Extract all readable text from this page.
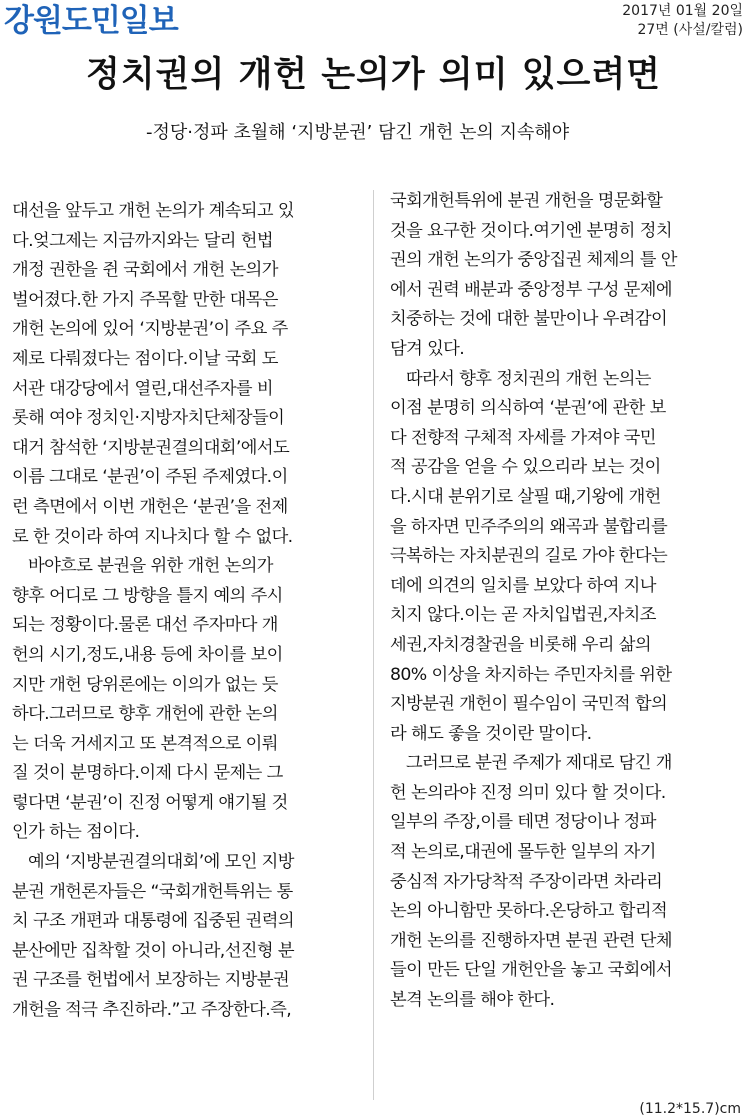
강원도민일보	2017년 01월 20일
27면 (사설/칼럼)
정치권의 개헌 논의가 의미 있으려면
-정당·정파 초월해 ‘지방분권’ 담긴 개헌 논의 지속해야
대선을 앞두고 개헌 논의가 계속되고 있
다.엊그제는 지금까지와는 달리 헌법
개정 권한을 쥔 국회에서 개헌 논의가
벌어졌다.한 가지 주목할 만한 대목은
개헌 논의에 있어 ‘지방분권’이 주요 주
제로 다뤄졌다는 점이다.이날 국회 도
서관 대강당에서 열린,대선주자를 비
롯해 여야 정치인·지방자치단체장들이
대거 참석한 ‘지방분권결의대회’에서도
이름 그대로 ‘분권’이 주된 주제였다.이
런 측면에서 이번 개헌은 ‘분권’을 전제
로 한 것이라 하여 지나치다 할 수 없다.
바야흐로 분권을 위한 개헌 논의가
향후 어디로 그 방향을 틀지 예의 주시
되는 정황이다.물론 대선 주자마다 개
헌의 시기,정도,내용 등에 차이를 보이
지만 개헌 당위론에는 이의가 없는 듯
하다.그러므로 향후 개헌에 관한 논의
는 더욱 거세지고 또 본격적으로 이뤄
질 것이 분명하다.이제 다시 문제는 그
렇다면 ‘분권’이 진정 어떻게 얘기될 것
인가 하는 점이다.
예의 ‘지방분권결의대회’에 모인 지방
분권 개헌론자들은 “국회개헌특위는 통
치 구조 개편과 대통령에 집중된 권력의
분산에만 집착할 것이 아니라,선진형 분
권 구조를 헌법에서 보장하는 지방분권
개헌을 적극 추진하라.”고 주장한다.즉,
국회개헌특위에 분권 개헌을 명문화할
것을 요구한 것이다.여기엔 분명히 정치
권의 개헌 논의가 중앙집권 체제의 틀 안
에서 권력 배분과 중앙정부 구성 문제에
치중하는 것에 대한 불만이나 우려감이
담겨 있다.
따라서 향후 정치권의 개헌 논의는
이점 분명히 의식하여 ‘분권’에 관한 보
다 전향적 구체적 자세를 가져야 국민
적 공감을 얻을 수 있으리라 보는 것이
다.시대 분위기로 살필 때,기왕에 개헌
을 하자면 민주주의의 왜곡과 불합리를
극복하는 자치분권의 길로 가야 한다는
데에 의견의 일치를 보았다 하여 지나
치지 않다.이는 곧 자치입법권,자치조
세권,자치경찰권을 비롯해 우리 삶의
80% 이상을 차지하는 주민자치를 위한
지방분권 개헌이 필수임이 국민적 합의
라 해도 좋을 것이란 말이다.
그러므로 분권 주제가 제대로 담긴 개
헌 논의라야 진정 의미 있다 할 것이다.
일부의 주장,이를 테면 정당이나 정파
적 논의로,대권에 몰두한 일부의 자기
중심적 자가당착적 주장이라면 차라리
논의 아니함만 못하다.온당하고 합리적
개헌 논의를 진행하자면 분권 관련 단체
들이 만든 단일 개헌안을 놓고 국회에서
본격 논의를 해야 한다.
(11.2*15.7)cm
